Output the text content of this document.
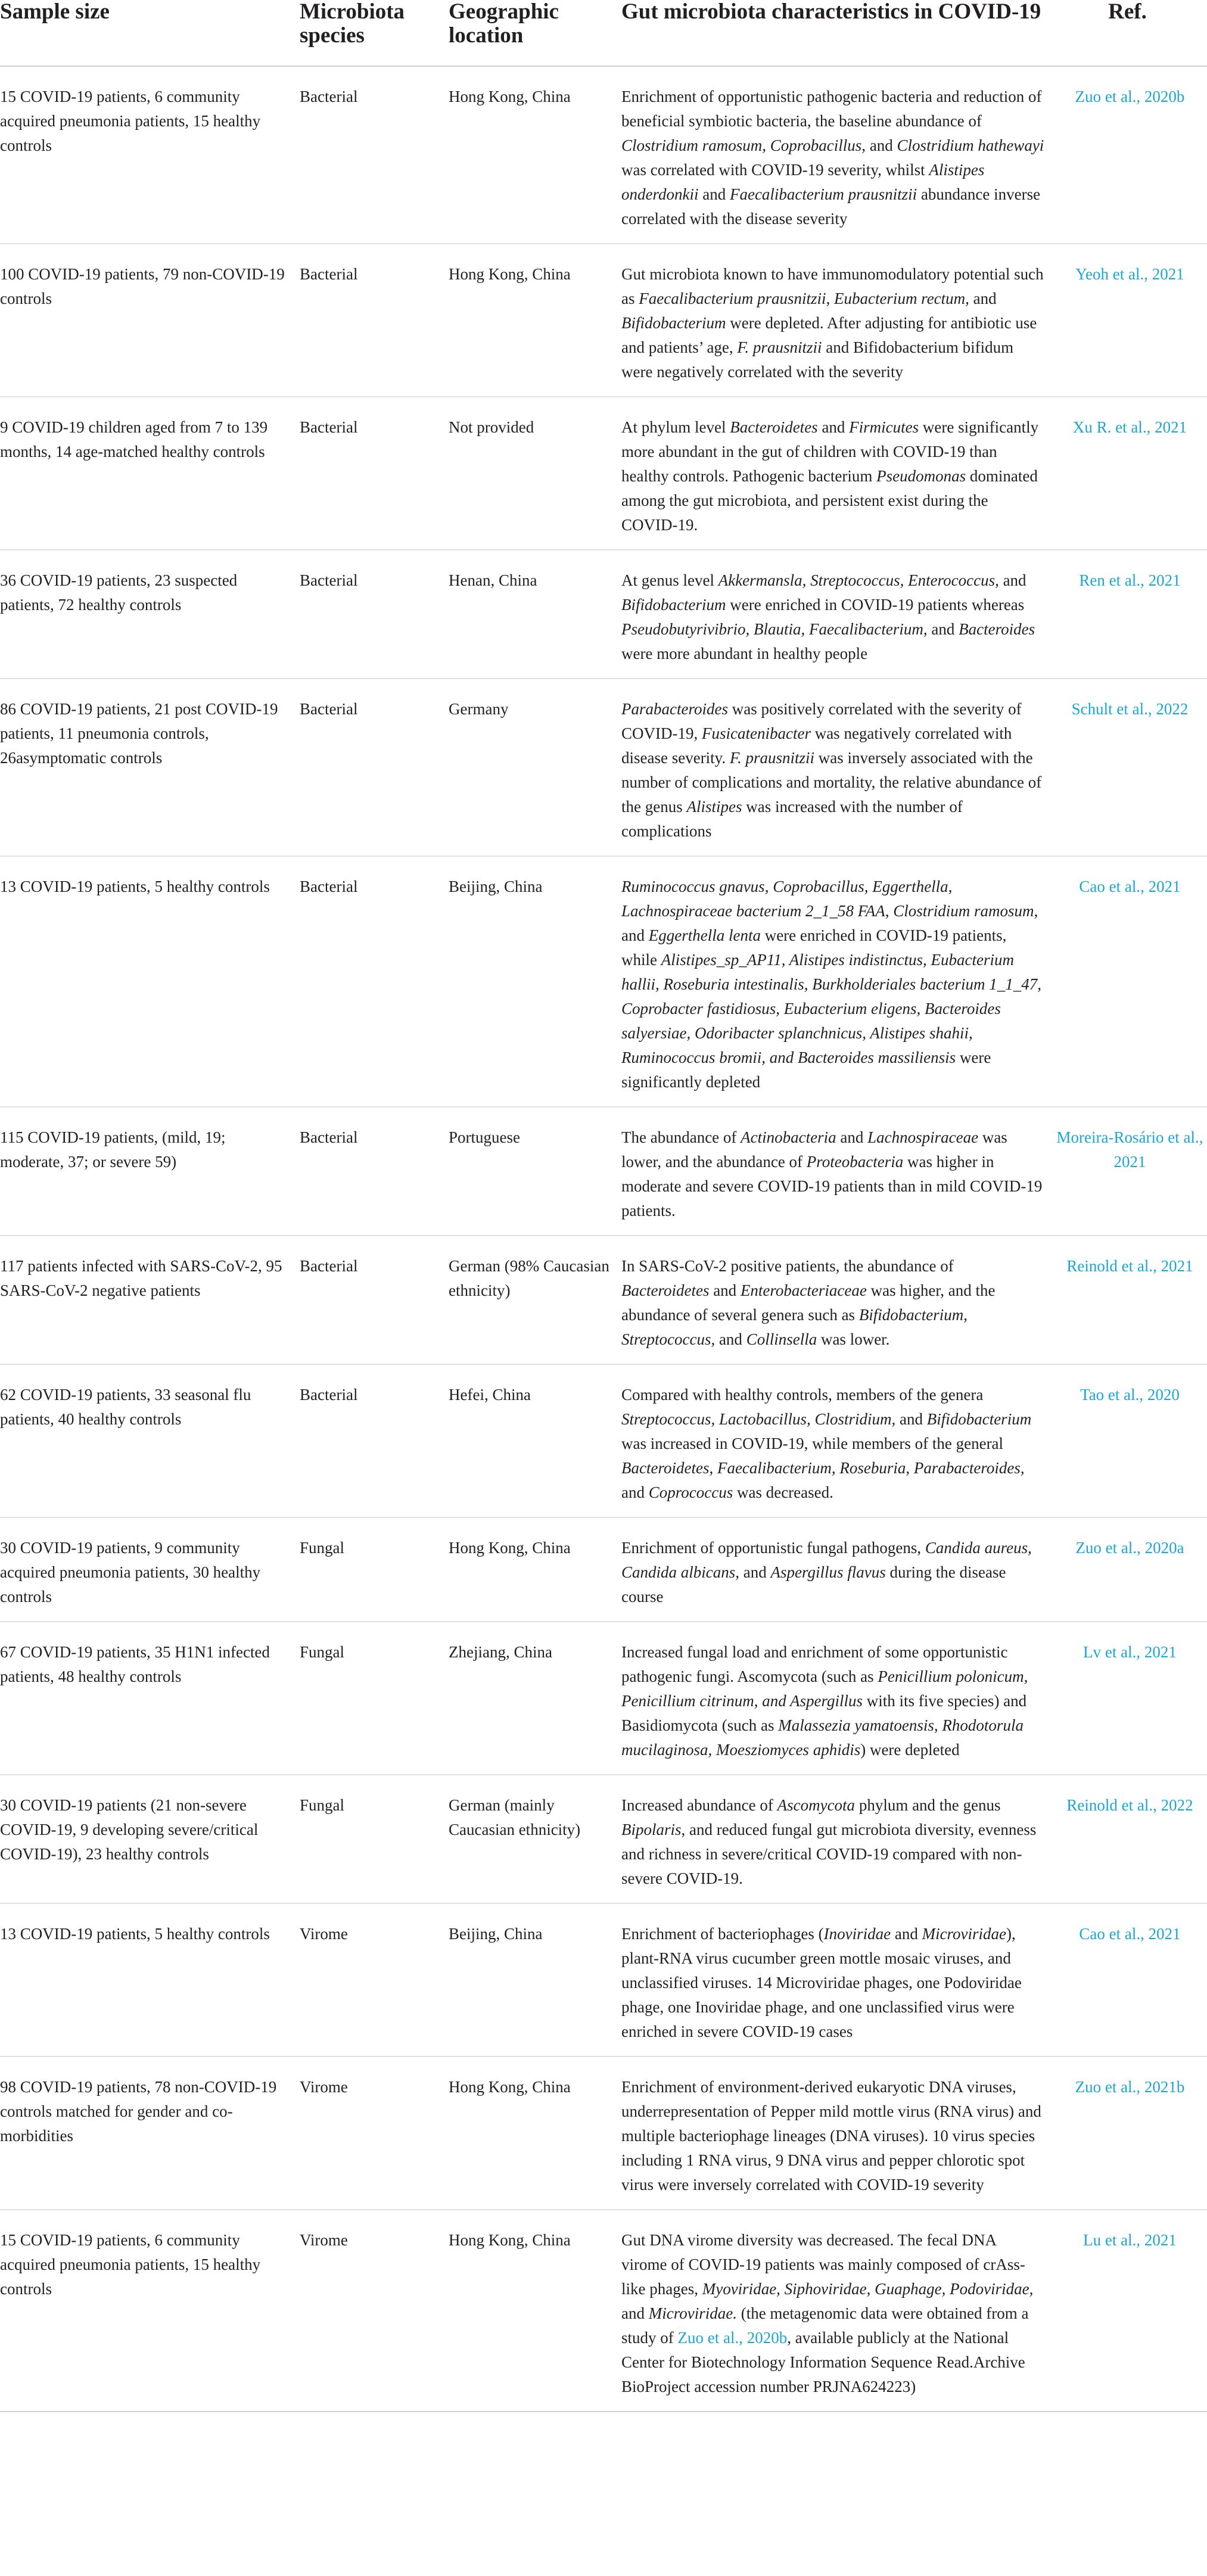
Sample size	Microbiota species	Geographic location	Gut microbiota characteristics in COVID-19	Ref.
15 COVID-19 patients, 6 community acquired pneumonia patients, 15 healthy controls	Bacterial	Hong Kong, China	Enrichment of opportunistic pathogenic bacteria and reduction of beneficial symbiotic bacteria, the baseline abundance of Clostridium ramosum, Coprobacillus, and Clostridium hathewayi was correlated with COVID-19 severity, whilst Alistipes onderdonkii and Faecalibacterium prausnitzii abundance inverse correlated with the disease severity	Zuo et al., 2020b
100 COVID-19 patients, 79 non-COVID-19 controls	Bacterial	Hong Kong, China	Gut microbiota known to have immunomodulatory potential such as Faecalibacterium prausnitzii, Eubacterium rectum, and Bifidobacterium were depleted. After adjusting for antibiotic use and patients’ age, F. prausnitzii and Bifidobacterium bifidum were negatively correlated with the severity	Yeoh et al., 2021
9 COVID-19 children aged from 7 to 139 months, 14 age-matched healthy controls	Bacterial	Not provided	At phylum level Bacteroidetes and Firmicutes were significantly more abundant in the gut of children with COVID-19 than healthy controls. Pathogenic bacterium Pseudomonas dominated among the gut microbiota, and persistent exist during the COVID-19.	Xu R. et al., 2021
36 COVID-19 patients, 23 suspected patients, 72 healthy controls	Bacterial	Henan, China	At genus level Akkermansla, Streptococcus, Enterococcus, and Bifidobacterium were enriched in COVID-19 patients whereas Pseudobutyrivibrio, Blautia, Faecalibacterium, and Bacteroides were more abundant in healthy people	Ren et al., 2021
86 COVID-19 patients, 21 post COVID-19 patients, 11 pneumonia controls, 26asymptomatic controls	Bacterial	Germany	Parabacteroides was positively correlated with the severity of COVID-19, Fusicatenibacter was negatively correlated with disease severity. F. prausnitzii was inversely associated with the number of complications and mortality, the relative abundance of the genus Alistipes was increased with the number of complications	Schult et al., 2022
13 COVID-19 patients, 5 healthy controls	Bacterial	Beijing, China	Ruminococcus gnavus, Coprobacillus, Eggerthella, Lachnospiraceae bacterium 2_1_58 FAA, Clostridium ramosum, and Eggerthella lenta were enriched in COVID-19 patients, while Alistipes_sp_AP11, Alistipes indistinctus, Eubacterium hallii, Roseburia intestinalis, Burkholderiales bacterium 1_1_47, Coprobacter fastidiosus, Eubacterium eligens, Bacteroides salyersiae, Odoribacter splanchnicus, Alistipes shahii, Ruminococcus bromii, and Bacteroides massiliensis were significantly depleted	Cao et al., 2021
115 COVID-19 patients, (mild, 19; moderate, 37; or severe 59)	Bacterial	Portuguese	The abundance of Actinobacteria and Lachnospiraceae was lower, and the abundance of Proteobacteria was higher in moderate and severe COVID-19 patients than in mild COVID-19 patients.	Moreira-Rosário et al., 2021
117 patients infected with SARS-CoV-2, 95 SARS-CoV-2 negative patients	Bacterial	German (98% Caucasian ethnicity)	In SARS-CoV-2 positive patients, the abundance of Bacteroidetes and Enterobacteriaceae was higher, and the abundance of several genera such as Bifidobacterium, Streptococcus, and Collinsella was lower.	Reinold et al., 2021
62 COVID-19 patients, 33 seasonal flu patients, 40 healthy controls	Bacterial	Hefei, China	Compared with healthy controls, members of the genera Streptococcus, Lactobacillus, Clostridium, and Bifidobacterium was increased in COVID-19, while members of the general Bacteroidetes, Faecalibacterium, Roseburia, Parabacteroides, and Coprococcus was decreased.	Tao et al., 2020
30 COVID-19 patients, 9 community acquired pneumonia patients, 30 healthy controls	Fungal	Hong Kong, China	Enrichment of opportunistic fungal pathogens, Candida aureus, Candida albicans, and Aspergillus flavus during the disease course	Zuo et al., 2020a
67 COVID-19 patients, 35 H1N1 infected patients, 48 healthy controls	Fungal	Zhejiang, China	Increased fungal load and enrichment of some opportunistic pathogenic fungi. Ascomycota (such as Penicillium polonicum, Penicillium citrinum, and Aspergillus with its five species) and Basidiomycota (such as Malassezia yamatoensis, Rhodotorula mucilaginosa, Moesziomyces aphidis) were depleted	Lv et al., 2021
30 COVID-19 patients (21 non-severe COVID-19, 9 developing severe/critical COVID-19), 23 healthy controls	Fungal	German (mainly Caucasian ethnicity)	Increased abundance of Ascomycota phylum and the genus Bipolaris, and reduced fungal gut microbiota diversity, evenness and richness in severe/critical COVID-19 compared with non-severe COVID-19.	Reinold et al., 2022
13 COVID-19 patients, 5 healthy controls	Virome	Beijing, China	Enrichment of bacteriophages (Inoviridae and Microviridae), plant-RNA virus cucumber green mottle mosaic viruses, and unclassified viruses. 14 Microviridae phages, one Podoviridae phage, one Inoviridae phage, and one unclassified virus were enriched in severe COVID-19 cases	Cao et al., 2021
98 COVID-19 patients, 78 non-COVID-19 controls matched for gender and co-morbidities	Virome	Hong Kong, China	Enrichment of environment-derived eukaryotic DNA viruses, underrepresentation of Pepper mild mottle virus (RNA virus) and multiple bacteriophage lineages (DNA viruses). 10 virus species including 1 RNA virus, 9 DNA virus and pepper chlorotic spot virus were inversely correlated with COVID-19 severity	Zuo et al., 2021b
15 COVID-19 patients, 6 community acquired pneumonia patients, 15 healthy controls	Virome	Hong Kong, China	Gut DNA virome diversity was decreased. The fecal DNA virome of COVID-19 patients was mainly composed of crAss-like phages, Myoviridae, Siphoviridae, Guaphage, Podoviridae, and Microviridae. (the metagenomic data were obtained from a study of Zuo et al., 2020b, available publicly at the National Center for Biotechnology Information Sequence Read.Archive BioProject accession number PRJNA624223)	Lu et al., 2021
